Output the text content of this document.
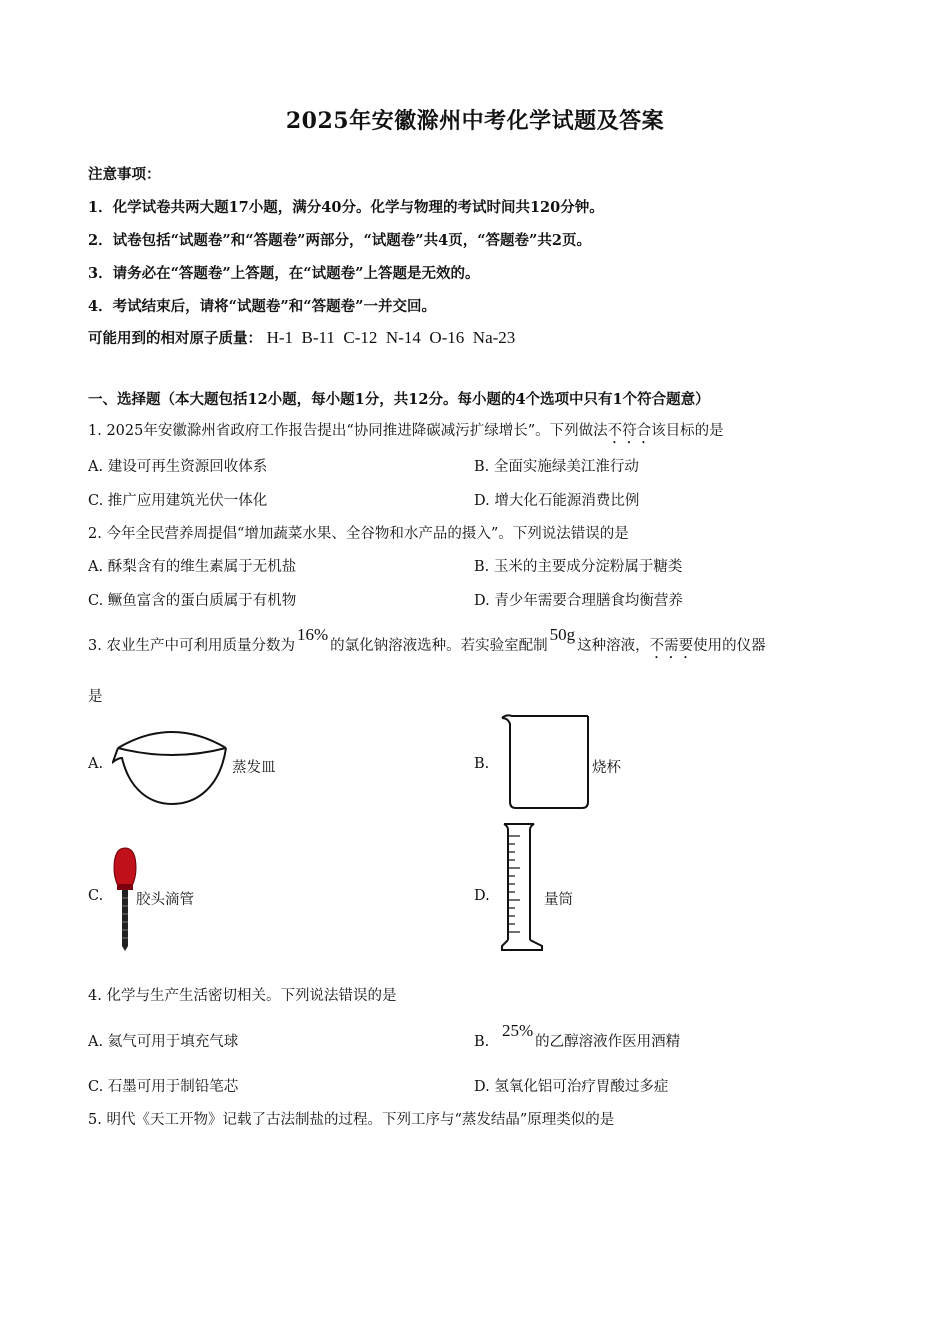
2025年安徽滁州中考化学试题及答案
注意事项：
1．化学试卷共两大题17小题，满分40分。化学与物理的考试时间共120分钟。
2．试卷包括“试题卷”和“答题卷”两部分，“试题卷”共4页，“答题卷”共2页。
3．请务必在“答题卷”上答题，在“试题卷”上答题是无效的。
4．考试结束后，请将“试题卷”和“答题卷”一并交回。
可能用到的相对原子质量： H-1  B-11  C-12  N-14  O-16  Na-23
一、选择题（本大题包括12小题，每小题1分，共12分。每小题的4个选项中只有1个符合题意）
1. 2025年安徽滁州省政府工作报告提出“协同推进降碳减污扩绿增长”。下列做法不符合该目标的是
A. 建设可再生资源回收体系	B. 全面实施绿美江淮行动
C. 推广应用建筑光伏一体化	D. 增大化石能源消费比例
2. 今年全民营养周提倡“增加蔬菜水果、全谷物和水产品的摄入”。下列说法错误的是
A. 酥梨含有的维生素属于无机盐	B. 玉米的主要成分淀粉属于糖类
C. 鳜鱼富含的蛋白质属于有机物	D. 青少年需要合理膳食均衡营养
3. 农业生产中可利用质量分数为16%的氯化钠溶液选种。若实验室配制50g这种溶液，不需要使用的仪器
是
A.	蒸发皿	B.	烧杯
C. 胶头滴管	D.	量筒
4. 化学与生产生活密切相关。下列说法错误的是
A. 氦气可用于填充气球	B.25%的乙醇溶液作医用酒精
C. 石墨可用于制铅笔芯	D. 氢氧化铝可治疗胃酸过多症
5. 明代《天工开物》记载了古法制盐的过程。下列工序与“蒸发结晶”原理类似的是
